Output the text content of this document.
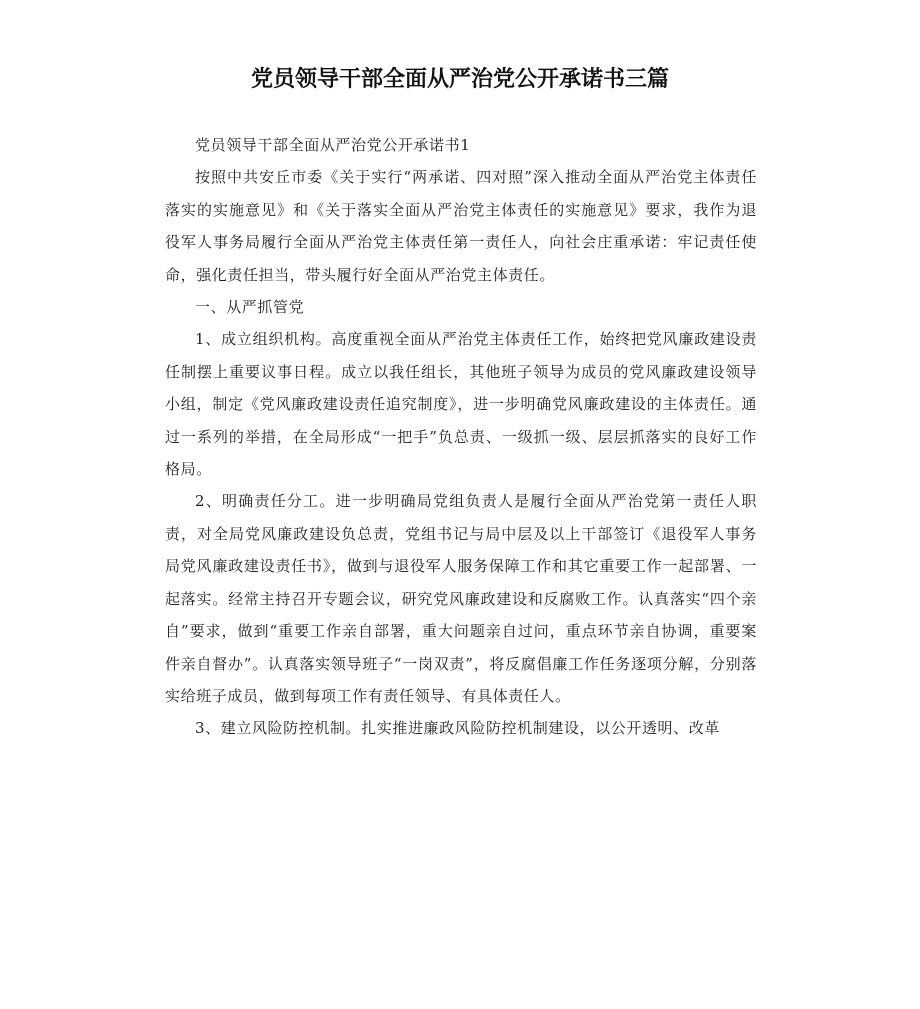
党员领导干部全面从严治党公开承诺书三篇

党员领导干部全面从严治党公开承诺书1

按照中共安丘市委《关于实行“两承诺、四对照”深入推动全面从严治党主体责任落实的实施意见》和《关于落实全面从严治党主体责任的实施意见》要求，我作为退役军人事务局履行全面从严治党主体责任第一责任人，向社会庄重承诺：牢记责任使命，强化责任担当，带头履行好全面从严治党主体责任。

一、从严抓管党

1、成立组织机构。高度重视全面从严治党主体责任工作，始终把党风廉政建设责任制摆上重要议事日程。成立以我任组长，其他班子领导为成员的党风廉政建设领导小组，制定《党风廉政建设责任追究制度》，进一步明确党风廉政建设的主体责任。通过一系列的举措，在全局形成“一把手”负总责、一级抓一级、层层抓落实的良好工作格局。

2、明确责任分工。进一步明确局党组负责人是履行全面从严治党第一责任人职责，对全局党风廉政建设负总责，党组书记与局中层及以上干部签订《退役军人事务局党风廉政建设责任书》，做到与退役军人服务保障工作和其它重要工作一起部署、一起落实。经常主持召开专题会议，研究党风廉政建设和反腐败工作。认真落实“四个亲自”要求，做到“重要工作亲自部署，重大问题亲自过问，重点环节亲自协调，重要案件亲自督办”。认真落实领导班子“一岗双责”，将反腐倡廉工作任务逐项分解，分别落实给班子成员，做到每项工作有责任领导、有具体责任人。

3、建立风险防控机制。扎实推进廉政风险防控机制建设，以公开透明、改革
